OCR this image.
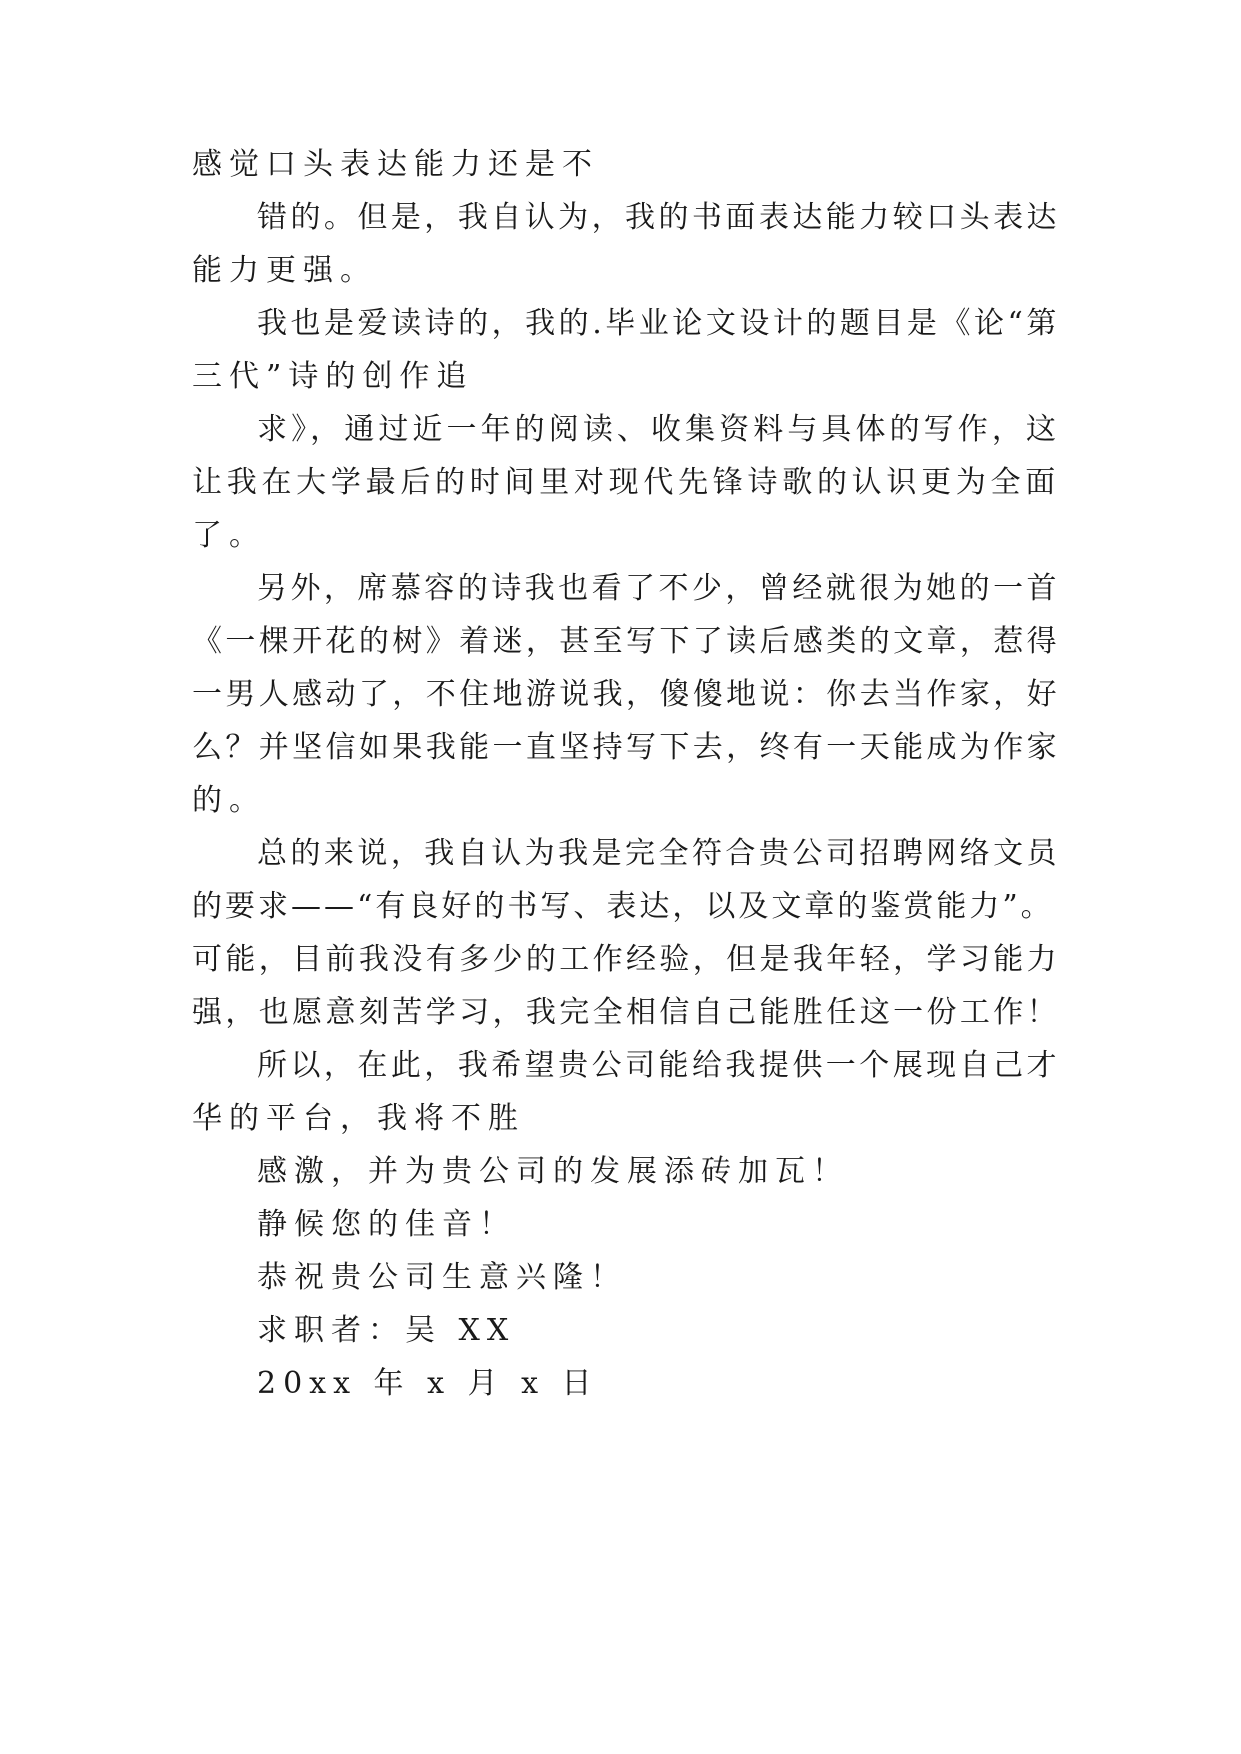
感觉口头表达能力还是不
错的。但是，我自认为，我的书面表达能力较口头表达
能力更强。
我也是爱读诗的，我的.毕业论文设计的题目是《论“第
三代”诗的创作追
求》，通过近一年的阅读、收集资料与具体的写作，这
让我在大学最后的时间里对现代先锋诗歌的认识更为全面
了。
另外，席慕容的诗我也看了不少，曾经就很为她的一首
《一棵开花的树》着迷，甚至写下了读后感类的文章，惹得
一男人感动了，不住地游说我，傻傻地说：你去当作家，好
么？并坚信如果我能一直坚持写下去，终有一天能成为作家
的。
总的来说，我自认为我是完全符合贵公司招聘网络文员
的要求——“有良好的书写、表达，以及文章的鉴赏能力”。
可能，目前我没有多少的工作经验，但是我年轻，学习能力
强，也愿意刻苦学习，我完全相信自己能胜任这一份工作！
所以，在此，我希望贵公司能给我提供一个展现自己才
华的平台，我将不胜
感激，并为贵公司的发展添砖加瓦！
静候您的佳音！
恭祝贵公司生意兴隆！
求职者：吴 XX
20xx 年 x 月 x 日
